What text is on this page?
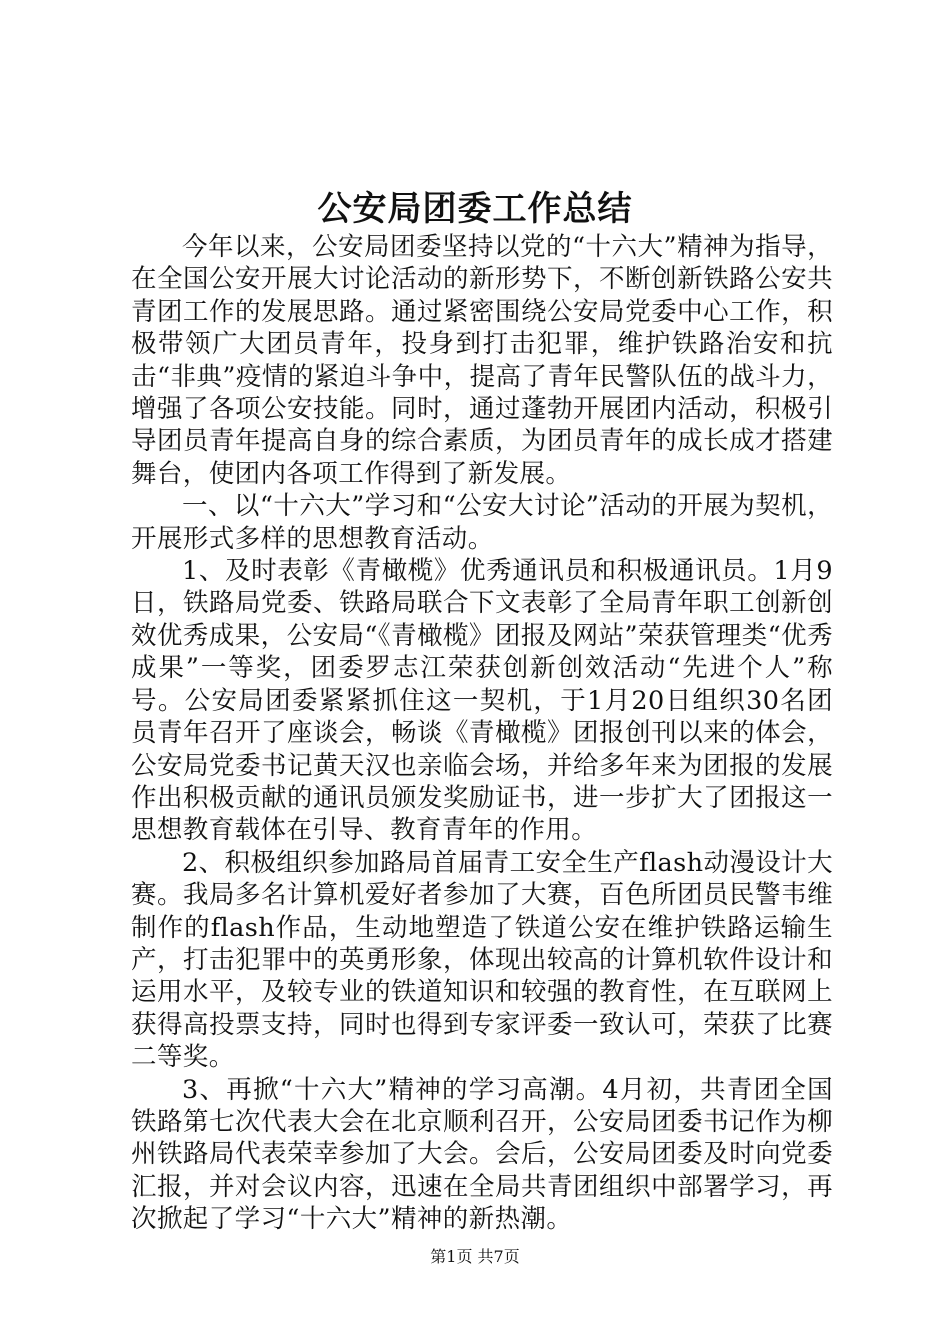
公安局团委工作总结

今年以来，公安局团委坚持以党的“十六大”精神为指导，在全国公安开展大讨论活动的新形势下，不断创新铁路公安共青团工作的发展思路。通过紧密围绕公安局党委中心工作，积极带领广大团员青年，投身到打击犯罪，维护铁路治安和抗击“非典”疫情的紧迫斗争中，提高了青年民警队伍的战斗力，增强了各项公安技能。同时，通过蓬勃开展团内活动，积极引导团员青年提高自身的综合素质，为团员青年的成长成才搭建舞台，使团内各项工作得到了新发展。

一、以“十六大”学习和“公安大讨论”活动的开展为契机，开展形式多样的思想教育活动。

1、及时表彰《青橄榄》优秀通讯员和积极通讯员。1月9日，铁路局党委、铁路局联合下文表彰了全局青年职工创新创效优秀成果，公安局“《青橄榄》团报及网站”荣获管理类“优秀成果”一等奖，团委罗志江荣获创新创效活动“先进个人”称号。公安局团委紧紧抓住这一契机，于1月20日组织30名团员青年召开了座谈会，畅谈《青橄榄》团报创刊以来的体会，公安局党委书记黄天汉也亲临会场，并给多年来为团报的发展作出积极贡献的通讯员颁发奖励证书，进一步扩大了团报这一思想教育载体在引导、教育青年的作用。

2、积极组织参加路局首届青工安全生产flash动漫设计大赛。我局多名计算机爱好者参加了大赛，百色所团员民警韦维制作的flash作品，生动地塑造了铁道公安在维护铁路运输生产，打击犯罪中的英勇形象，体现出较高的计算机软件设计和运用水平，及较专业的铁道知识和较强的教育性，在互联网上获得高投票支持，同时也得到专家评委一致认可，荣获了比赛二等奖。

3、再掀“十六大”精神的学习高潮。4月初，共青团全国铁路第七次代表大会在北京顺利召开，公安局团委书记作为柳州铁路局代表荣幸参加了大会。会后，公安局团委及时向党委汇报，并对会议内容，迅速在全局共青团组织中部署学习，再次掀起了学习“十六大”精神的新热潮。

第1页 共7页
